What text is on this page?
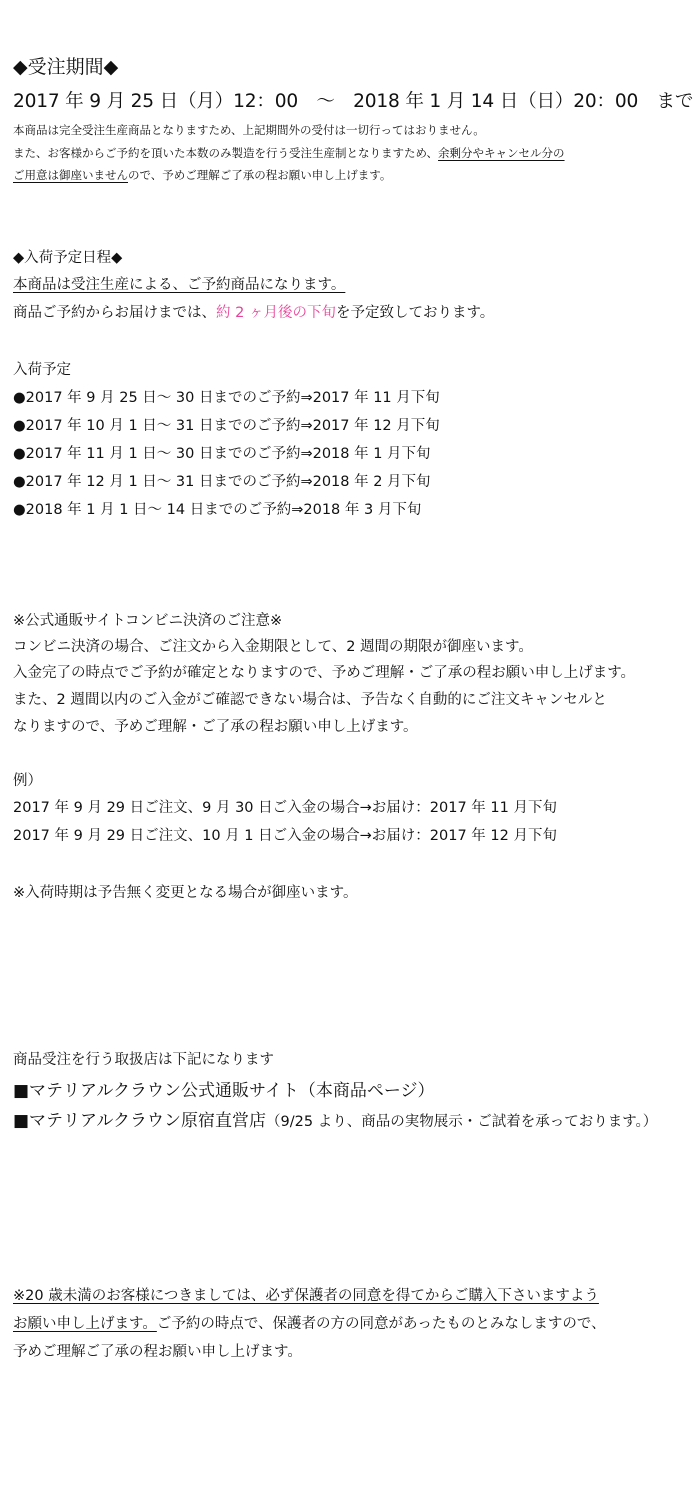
◆受注期間◆
2017 年 9 月 25 日（月）12：00　～　2018 年 1 月 14 日（日）20：00　まで
本商品は完全受注生産商品となりますため、上記期間外の受付は一切行ってはおりません。
また、お客様からご予約を頂いた本数のみ製造を行う受注生産制となりますため、余剰分やキャンセル分の
ご用意は御座いませんので、予めご理解ご了承の程お願い申し上げます。
◆入荷予定日程◆
本商品は受注生産による、ご予約商品になります。
商品ご予約からお届けまでは、約 2 ヶ月後の下旬を予定致しております。
入荷予定
●2017 年 9 月 25 日～ 30 日までのご予約⇒2017 年 11 月下旬
●2017 年 10 月 1 日～ 31 日までのご予約⇒2017 年 12 月下旬
●2017 年 11 月 1 日～ 30 日までのご予約⇒2018 年 1 月下旬
●2017 年 12 月 1 日～ 31 日までのご予約⇒2018 年 2 月下旬
●2018 年 1 月 1 日～ 14 日までのご予約⇒2018 年 3 月下旬
※公式通販サイトコンビニ決済のご注意※
コンビニ決済の場合、ご注文から入金期限として、2 週間の期限が御座います。
入金完了の時点でご予約が確定となりますので、予めご理解・ご了承の程お願い申し上げます。
また、2 週間以内のご入金がご確認できない場合は、予告なく自動的にご注文キャンセルと
なりますので、予めご理解・ご了承の程お願い申し上げます。
例）
2017 年 9 月 29 日ご注文、9 月 30 日ご入金の場合→お届け：2017 年 11 月下旬
2017 年 9 月 29 日ご注文、10 月 1 日ご入金の場合→お届け：2017 年 12 月下旬
※入荷時期は予告無く変更となる場合が御座います。
商品受注を行う取扱店は下記になります
■マテリアルクラウン公式通販サイト（本商品ページ）
■マテリアルクラウン原宿直営店（9/25 より、商品の実物展示・ご試着を承っております。）
※20 歳未満のお客様につきましては、必ず保護者の同意を得てからご購入下さいますよう
お願い申し上げます。ご予約の時点で、保護者の方の同意があったものとみなしますので、
予めご理解ご了承の程お願い申し上げます。
